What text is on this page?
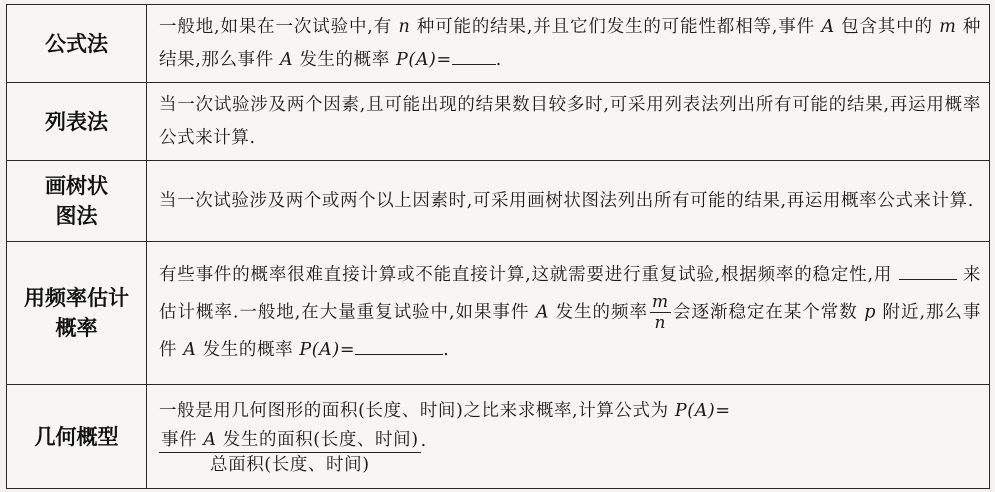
公式法	一般地,如果在一次试验中,有 n 种可能的结果,并且它们发生的可能性都相等,事件 A 包含其中的 m 种结果,那么事件 A 发生的概率 P(A)= .
列表法	当一次试验涉及两个因素,且可能出现的结果数目较多时,可采用列表法列出所有可能的结果,再运用概率公式来计算.
画树状
图法	当一次试验涉及两个或两个以上因素时,可采用画树状图法列出所有可能的结果,再运用概率公式来计算.
用频率估计
概率	有些事件的概率很难直接计算或不能直接计算,这就需要进行重复试验,根据频率的稳定性,用 来估计概率.一般地,在大量重复试验中,如果事件 A 发生的频率 $\frac{m}{n}$ 会逐渐稳定在某个常数 p 附近,那么事件 A 发生的概率 P(A)= .
几何概型	一般是用几何图形的面积(长度、时间)之比来求概率,计算公式为 P(A)=

$\frac{\text{事件 A 发生的面积(长度、时间)}}{\text{总面积(长度、时间)}}$ .
